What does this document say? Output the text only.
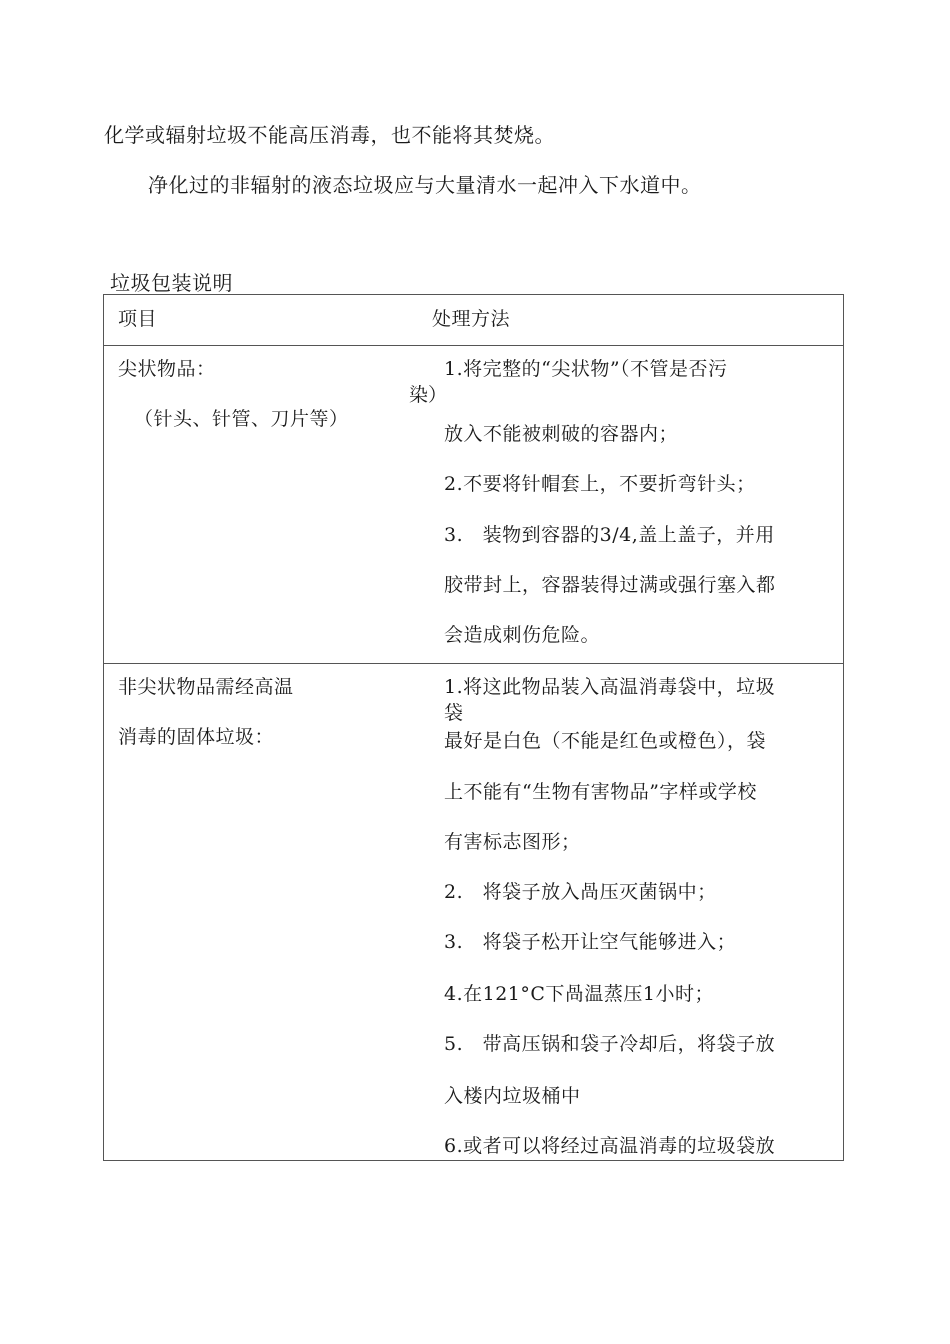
化学或辐射垃圾不能高压消毒，也不能将其焚烧。
净化过的非辐射的液态垃圾应与大量清水一起冲入下水道中。
垃圾包装说明
项目	处理方法
尖状物品：
（针头、针管、刀片等）
1.将完整的“尖状物”（不管是否污
染）
放入不能被刺破的容器内；
2.不要将针帽套上，不要折弯针头；
3.　装物到容器的3/4,盖上盖子，并用
胶带封上，容器装得过满或强行塞入都
会造成刺伤危险。
非尖状物品需经高温
消毒的固体垃圾：
1.将这此物品装入高温消毒袋中，垃圾
袋
最好是白色（不能是红色或橙色），袋
上不能有“生物有害物品”字样或学校
有害标志图形；
2.　将袋子放入咼压灭菌锅中；
3.　将袋子松开让空气能够进入；
4.在121°C下咼温蒸压1小时；
5.　带高压锅和袋子冷却后，将袋子放
入楼内垃圾桶中
6.或者可以将经过高温消毒的垃圾袋放
